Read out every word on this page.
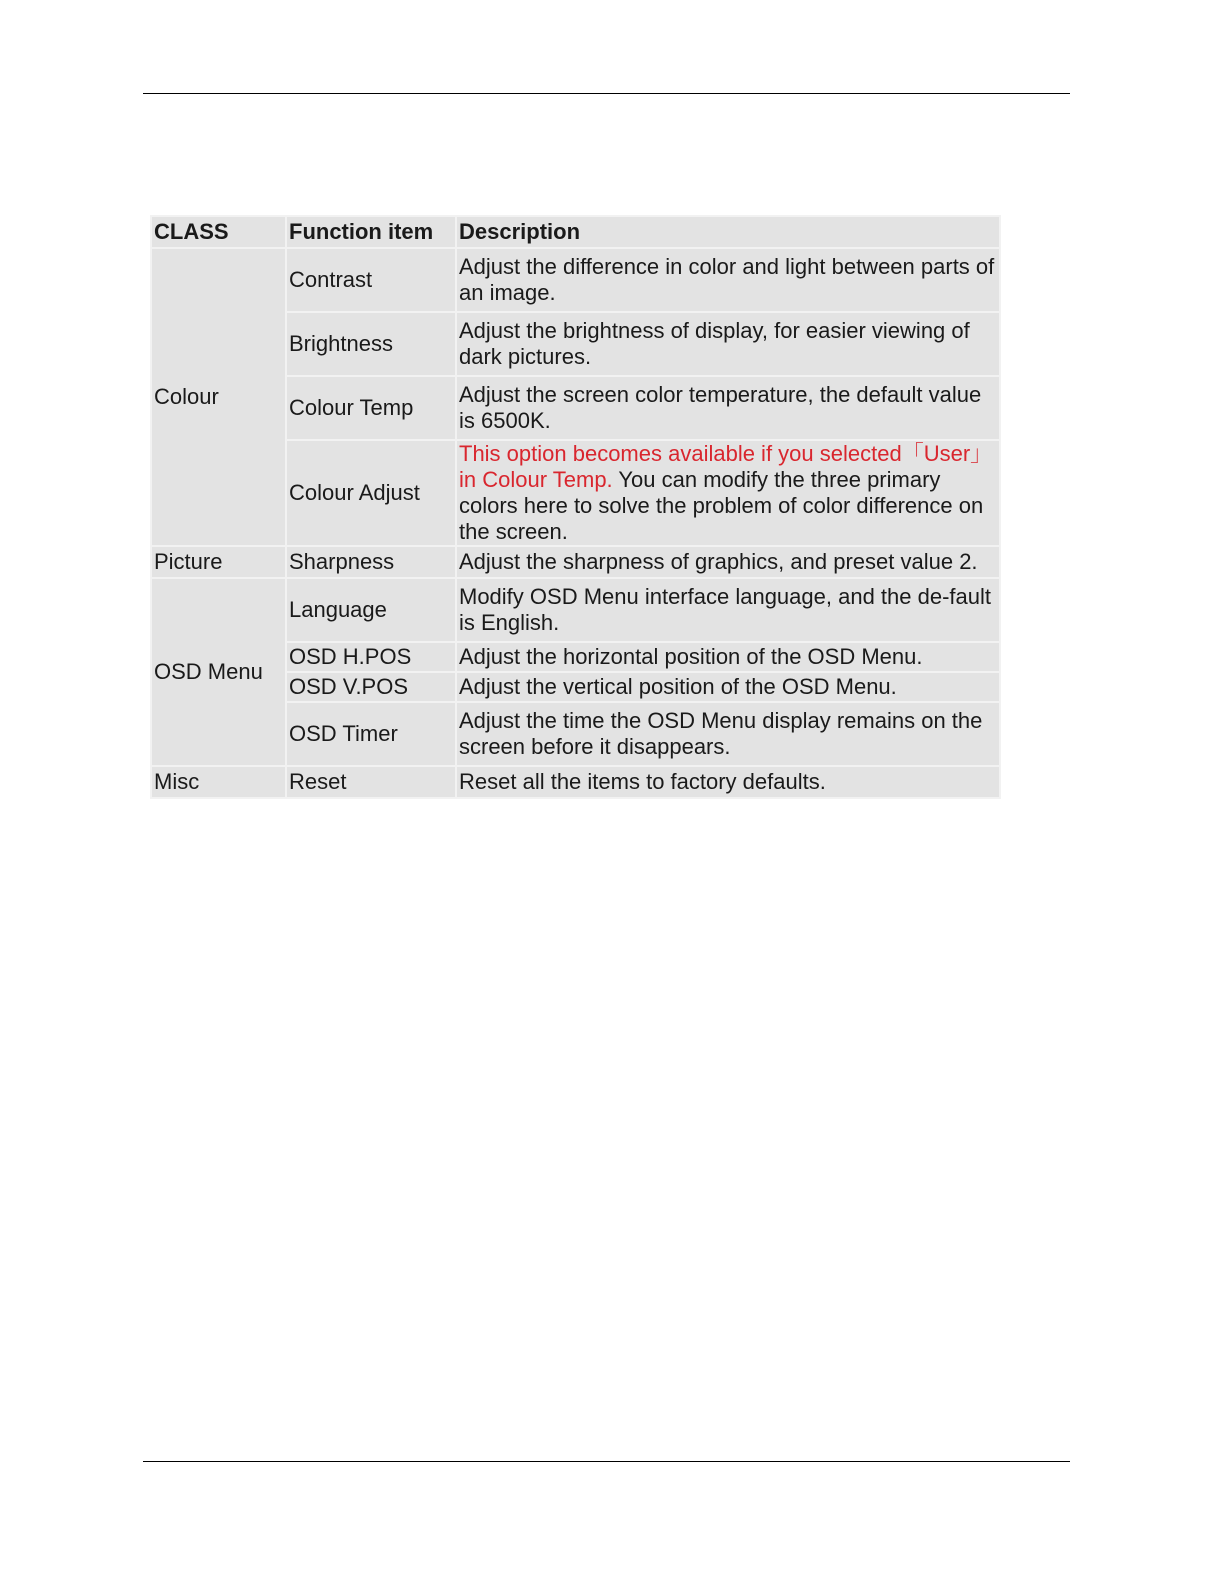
CLASS	Function item	Description
Colour	Contrast	Adjust the difference in color and light between parts of an image.
	Brightness	Adjust the brightness of display, for easier viewing of dark pictures.
	Colour Temp	Adjust the screen color temperature, the default value is 6500K.
	Colour Adjust	This option becomes available if you selected「User」 in Colour Temp. You can modify the three primary colors here to solve the problem of color difference on the screen.
Picture	Sharpness	Adjust the sharpness of graphics, and preset value 2.
OSD Menu	Language	Modify OSD Menu interface language, and the de-fault is English.
	OSD H.POS	Adjust the horizontal position of the OSD Menu.
	OSD V.POS	Adjust the vertical position of the OSD Menu.
	OSD Timer	Adjust the time the OSD Menu display remains on the screen before it disappears.
Misc	Reset	Reset all the items to factory defaults.
